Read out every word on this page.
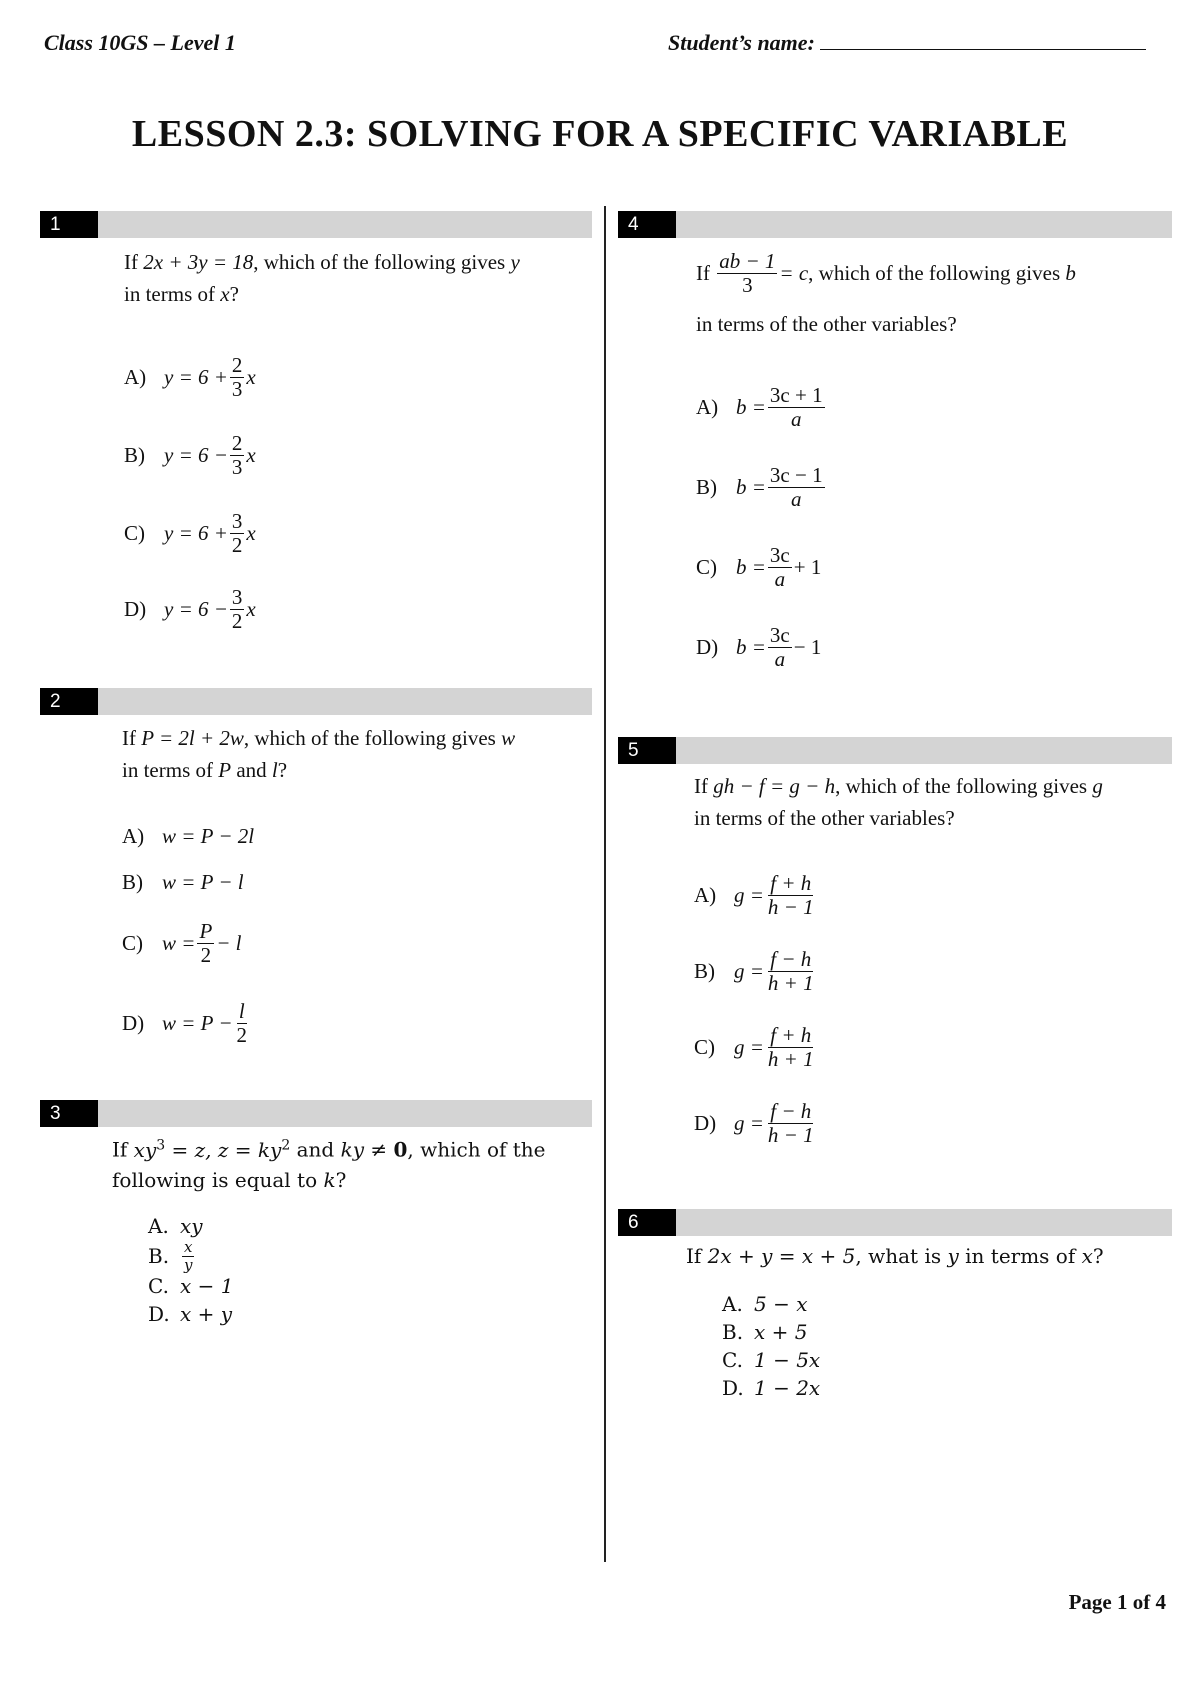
Class 10GS – Level 1	Student’s name:
LESSON 2.3: SOLVING FOR A SPECIFIC VARIABLE
1
If 2x + 3y = 18, which of the following gives y
in terms of x?
A) $y = 6 + \frac{2}{3}$ x
B) $y = 6 - \frac{2}{3}$ x
C) $y = 6 + \frac{3}{2}$ x
D) $y = 6 - \frac{3}{2}$ x
2
If P = 2l + 2w, which of the following gives w
in terms of P and l?
A) w = P − 2l
B) w = P − l
C) $w = \frac{P}{2} - l$
D) $w = P - \frac{l}{2}$
3
If $xy^3 = z$, $z = ky^2$ and ky ≠ 0, which of the
following is equal to k?
A. xy
B. $\frac{x}{y}$
C. x − 1
D. x + y
4
If
$\frac{ab - 1}{3} = c$ , which of the following gives
b
in terms of the other variables?
A) $b = \frac{3c + 1}{a}$
B) $b = \frac{3c - 1}{a}$
C) $b = \frac{3c}{a} + 1$
D) $b = \frac{3c}{a} - 1$
5
If gh − f = g − h, which of the following gives g
in terms of the other variables?
A) $g = \frac{f + h}{h - 1}$
B) $g = \frac{f - h}{h + 1}$
C) $g = \frac{f + h}{h + 1}$
D) $g = \frac{f - h}{h - 1}$
6
If 2x + y = x + 5, what is y in terms of x?
A. 5 − x
B. x + 5
C. 1 − 5x
D. 1 − 2x
Page 1 of 4
